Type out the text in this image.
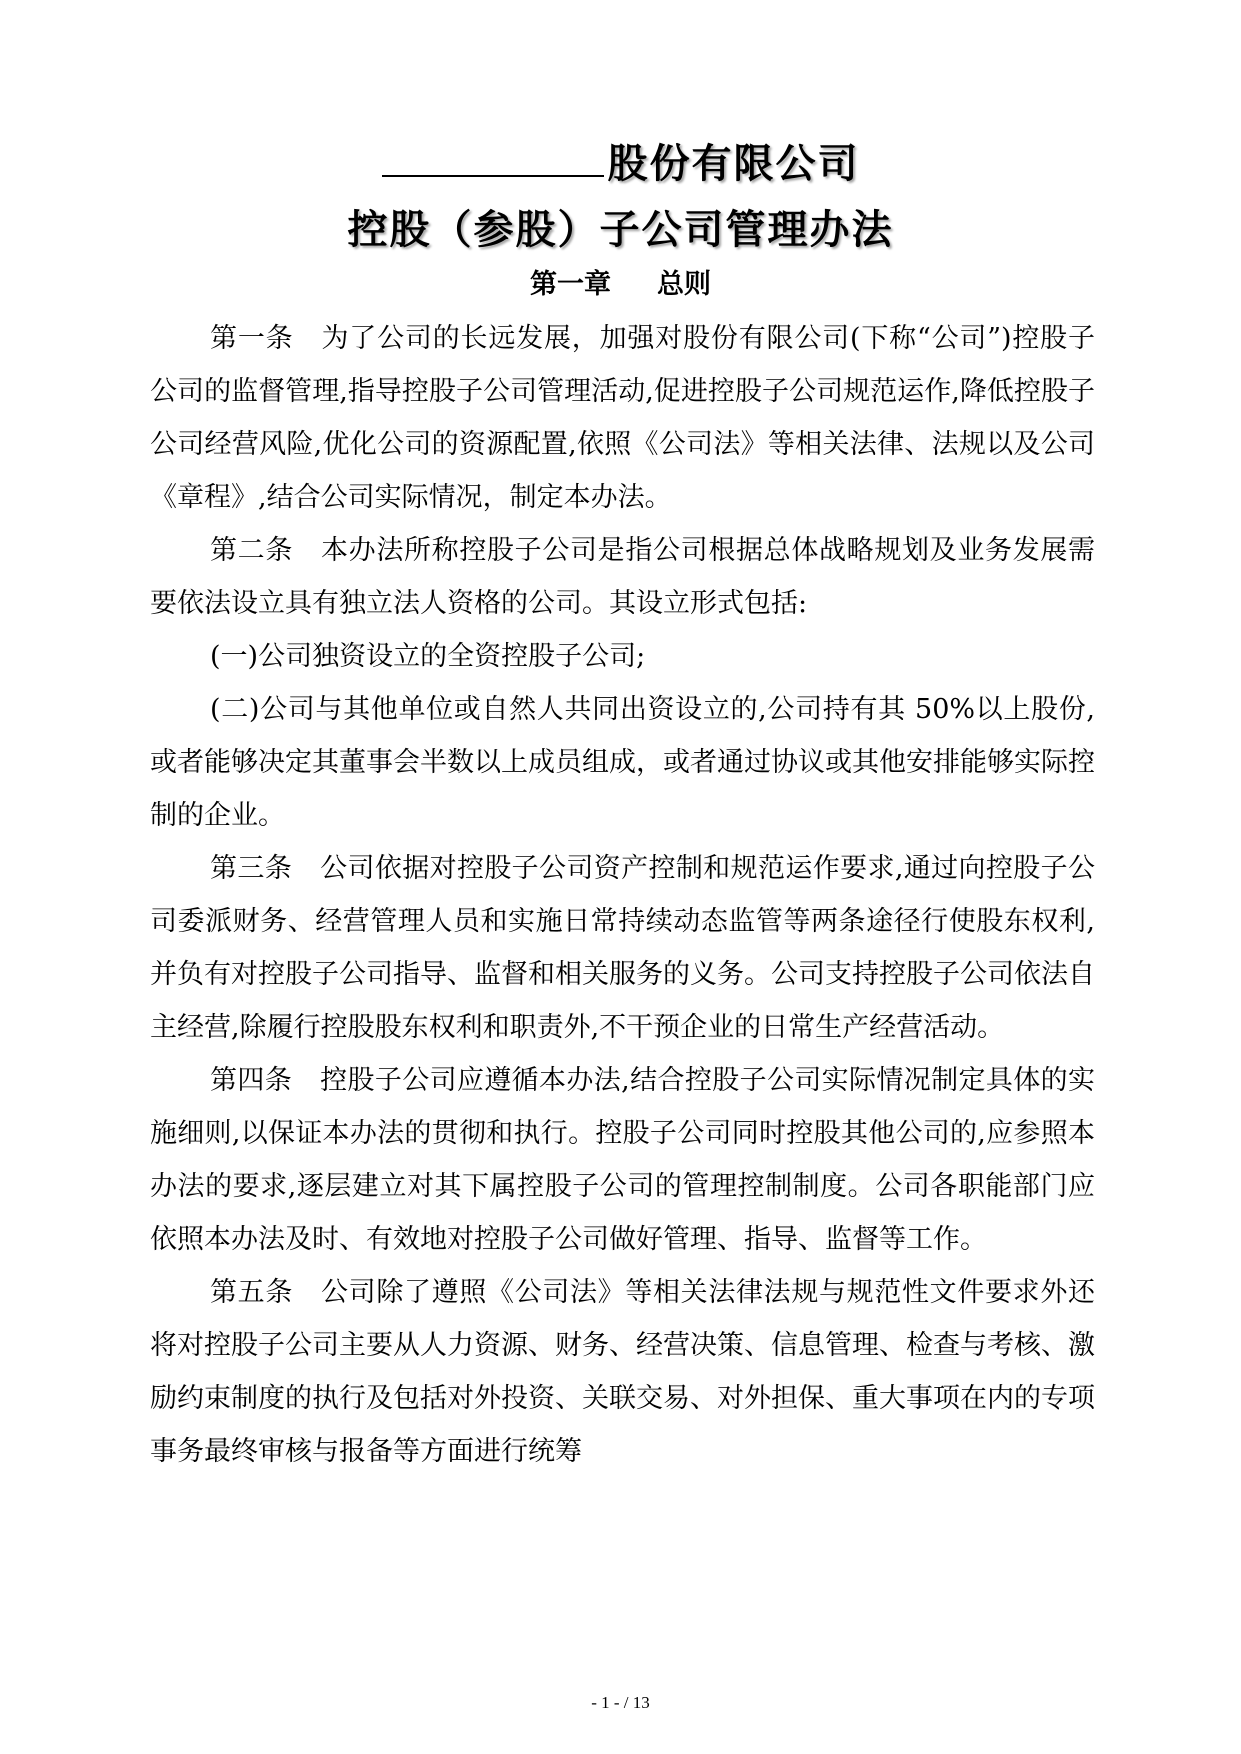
股份有限公司
控股（参股）子公司管理办法
第一章 总则

第一条 为了公司的长远发展，加强对股份有限公司(下称“公司”)控股子公司的监督管理,指导控股子公司管理活动,促进控股子公司规范运作,降低控股子公司经营风险,优化公司的资源配置,依照《公司法》等相关法律、法规以及公司《章程》,结合公司实际情况，制定本办法。

第二条 本办法所称控股子公司是指公司根据总体战略规划及业务发展需要依法设立具有独立法人资格的公司。其设立形式包括:

(一)公司独资设立的全资控股子公司;

(二)公司与其他单位或自然人共同出资设立的,公司持有其 50%以上股份,或者能够决定其董事会半数以上成员组成，或者通过协议或其他安排能够实际控制的企业。

第三条 公司依据对控股子公司资产控制和规范运作要求,通过向控股子公司委派财务、经营管理人员和实施日常持续动态监管等两条途径行使股东权利,并负有对控股子公司指导、监督和相关服务的义务。公司支持控股子公司依法自主经营,除履行控股股东权利和职责外,不干预企业的日常生产经营活动。

第四条 控股子公司应遵循本办法,结合控股子公司实际情况制定具体的实施细则,以保证本办法的贯彻和执行。控股子公司同时控股其他公司的,应参照本办法的要求,逐层建立对其下属控股子公司的管理控制制度。公司各职能部门应依照本办法及时、有效地对控股子公司做好管理、指导、监督等工作。

第五条 公司除了遵照《公司法》等相关法律法规与规范性文件要求外还将对控股子公司主要从人力资源、财务、经营决策、信息管理、检查与考核、激励约束制度的执行及包括对外投资、关联交易、对外担保、重大事项在内的专项事务最终审核与报备等方面进行统筹

- 1 - / 13
